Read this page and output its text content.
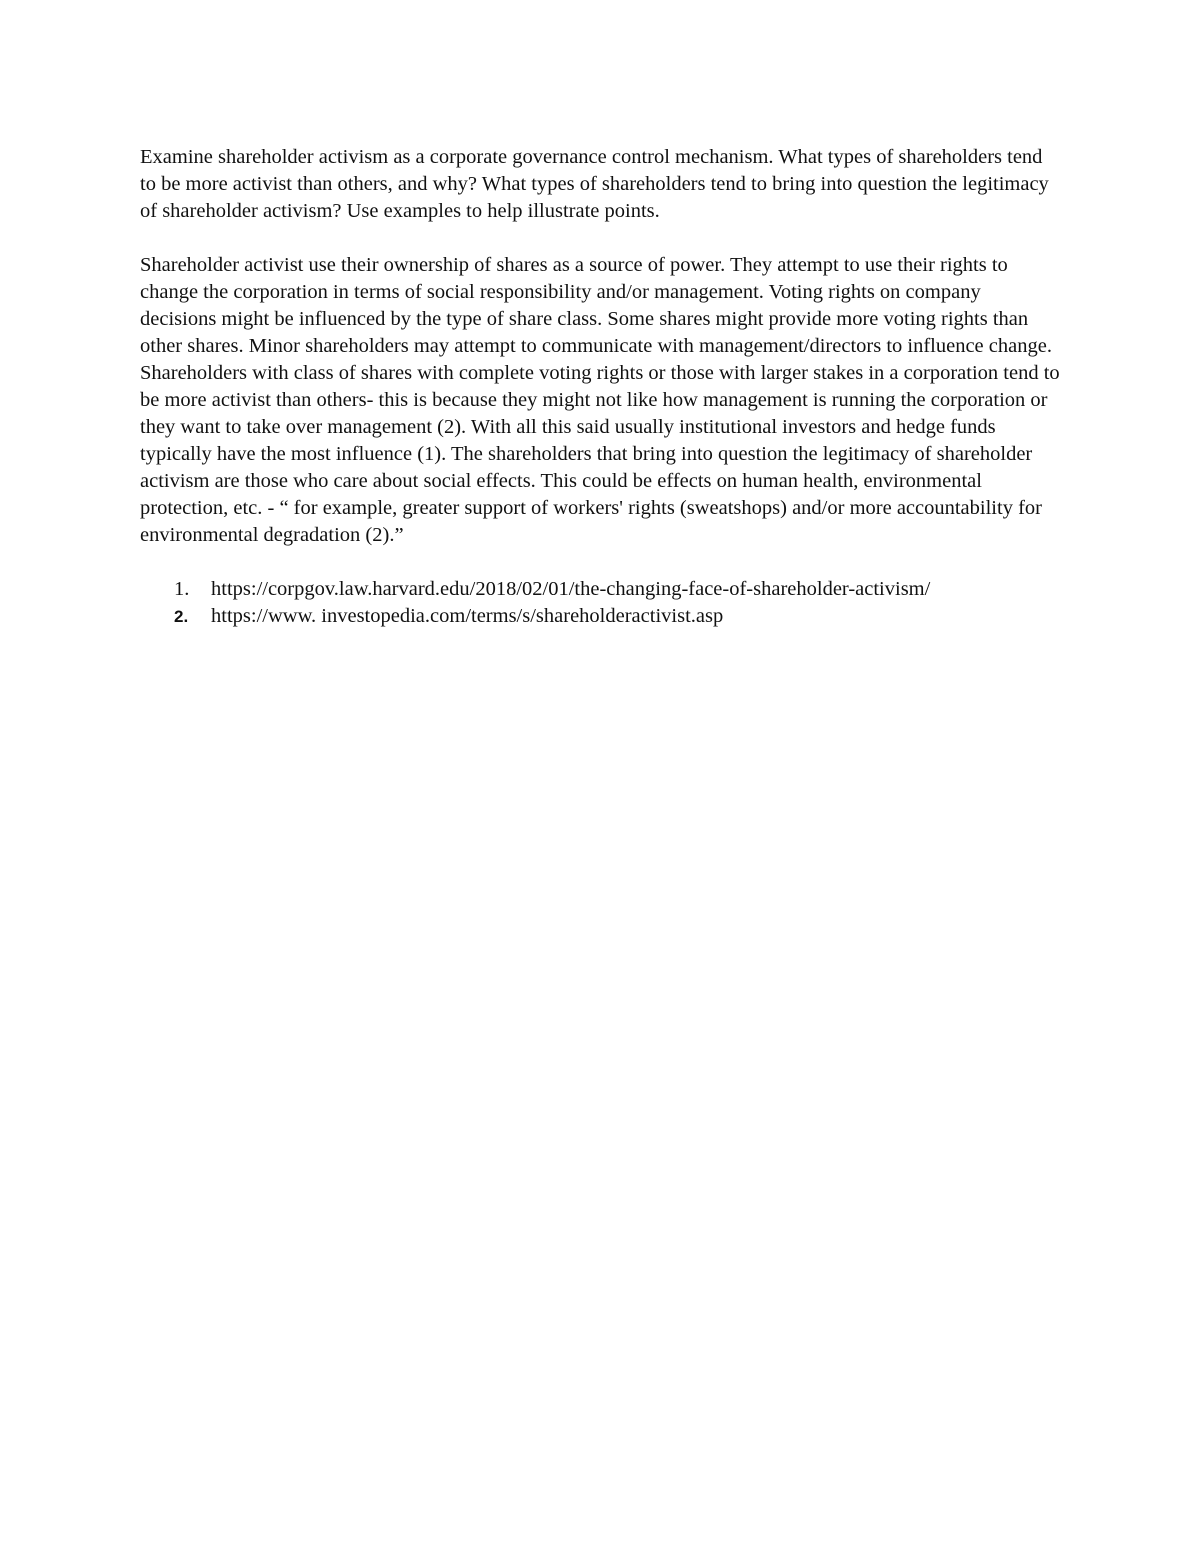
Examine shareholder activism as a corporate governance control mechanism. What types of shareholders tend to be more activist than others, and why? What types of shareholders tend to bring into question the legitimacy of shareholder activism? Use examples to help illustrate points.

Shareholder activist use their ownership of shares as a source of power. They attempt to use their rights to change the corporation in terms of social responsibility and/or management. Voting rights on company decisions might be influenced by the type of share class. Some shares might provide more voting rights than other shares. Minor shareholders may attempt to communicate with management/directors to influence change. Shareholders with class of shares with complete voting rights or those with larger stakes in a corporation tend to be more activist than others- this is because they might not like how management is running the corporation or they want to take over management (2). With all this said usually institutional investors and hedge funds typically have the most influence (1). The shareholders that bring into question the legitimacy of shareholder activism are those who care about social effects. This could be effects on human health, environmental protection, etc. - “ for example, greater support of workers' rights (sweatshops) and/or more accountability for environmental degradation (2).”

1. https://corpgov.law.harvard.edu/2018/02/01/the-changing-face-of-shareholder-activism/
2. https://www. investopedia.com/terms/s/shareholderactivist.asp
